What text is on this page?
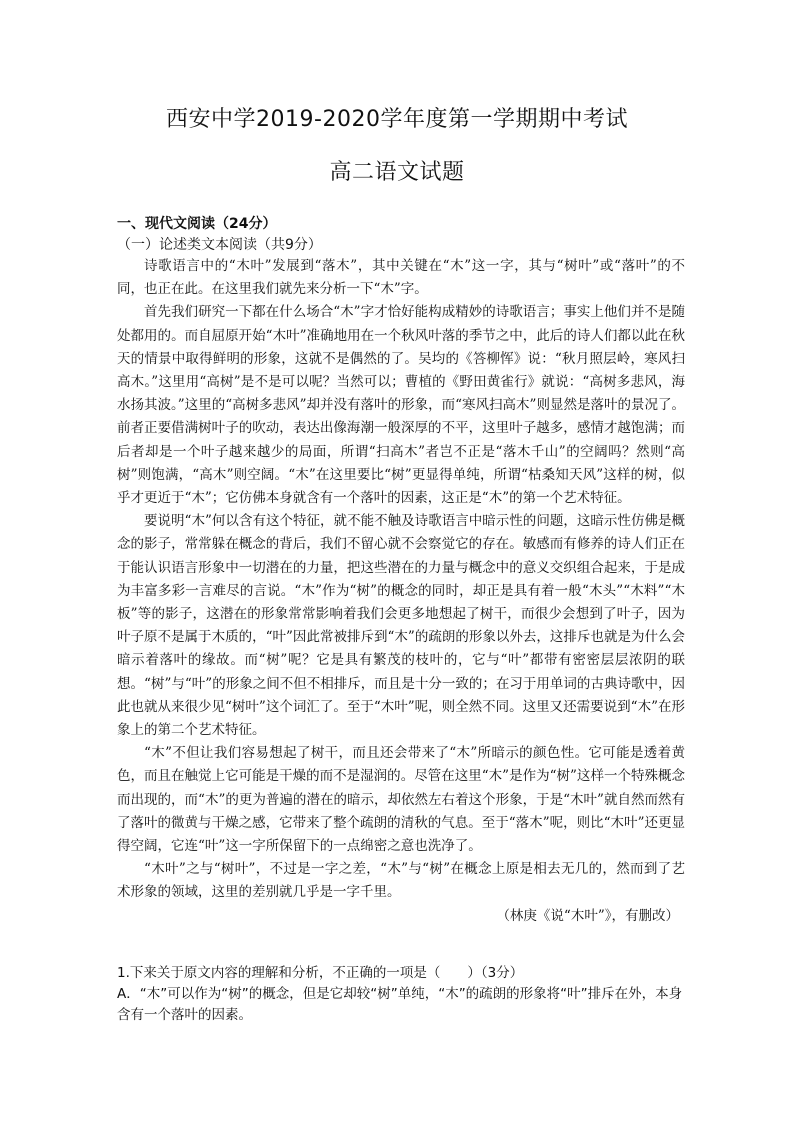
西安中学2019-2020学年度第一学期期中考试
高二语文试题
一、现代文阅读（24分）
（一）论述类文本阅读（共9分）

诗歌语言中的“木叶”发展到“落木”，其中关键在“木”这一字，其与“树叶”或“落叶”的不同，也正在此。在这里我们就先来分析一下“木”字。

首先我们研究一下都在什么场合“木”字才恰好能构成精妙的诗歌语言；事实上他们并不是随处都用的。而自屈原开始“木叶”准确地用在一个秋风叶落的季节之中，此后的诗人们都以此在秋天的情景中取得鲜明的形象，这就不是偶然的了。吴均的《答柳恽》说：“秋月照层岭，寒风扫高木。”这里用“高树”是不是可以呢？当然可以；曹植的《野田黄雀行》就说：“高树多悲风，海水扬其波。”这里的“高树多悲风”却并没有落叶的形象，而“寒风扫高木”则显然是落叶的景况了。前者正要借满树叶子的吹动，表达出像海潮一般深厚的不平，这里叶子越多，感情才越饱满；而后者却是一个叶子越来越少的局面，所谓“扫高木”者岂不正是“落木千山”的空阔吗？然则“高树”则饱满，“高木”则空阔。“木”在这里要比“树”更显得单纯，所谓“枯桑知天风”这样的树，似乎才更近于“木”；它仿佛本身就含有一个落叶的因素，这正是“木”的第一个艺术特征。

要说明“木”何以含有这个特征，就不能不触及诗歌语言中暗示性的问题，这暗示性仿佛是概念的影子，常常躲在概念的背后，我们不留心就不会察觉它的存在。敏感而有修养的诗人们正在于能认识语言形象中一切潜在的力量，把这些潜在的力量与概念中的意义交织组合起来，于是成为丰富多彩一言难尽的言说。“木”作为“树”的概念的同时，却正是具有着一般“木头”“木料”“木板”等的影子，这潜在的形象常常影响着我们会更多地想起了树干，而很少会想到了叶子，因为叶子原不是属于木质的，“叶”因此常被排斥到“木”的疏朗的形象以外去，这排斥也就是为什么会暗示着落叶的缘故。而“树”呢？它是具有繁茂的枝叶的，它与“叶”都带有密密层层浓阴的联想。“树”与“叶”的形象之间不但不相排斥，而且是十分一致的；在习于用单词的古典诗歌中，因此也就从来很少见“树叶”这个词汇了。至于“木叶”呢，则全然不同。这里又还需要说到“木”在形象上的第二个艺术特征。

“木”不但让我们容易想起了树干，而且还会带来了“木”所暗示的颜色性。它可能是透着黄色，而且在触觉上它可能是干燥的而不是湿润的。尽管在这里“木”是作为“树”这样一个特殊概念而出现的，而“木”的更为普遍的潜在的暗示，却依然左右着这个形象，于是“木叶”就自然而然有了落叶的微黄与干燥之感，它带来了整个疏朗的清秋的气息。至于“落木”呢，则比“木叶”还更显得空阔，它连“叶”这一字所保留下的一点绵密之意也洗净了。

“木叶”之与“树叶”，不过是一字之差，“木”与“树”在概念上原是相去无几的，然而到了艺术形象的领域，这里的差别就几乎是一字千里。

（林庚《说“木叶”》，有删改）

1.下来关于原文内容的理解和分析，不正确的一项是（　　）（3分）
A．“木”可以作为“树”的概念，但是它却较“树”单纯，“木”的疏朗的形象将“叶”排斥在外，本身含有一个落叶的因素。
